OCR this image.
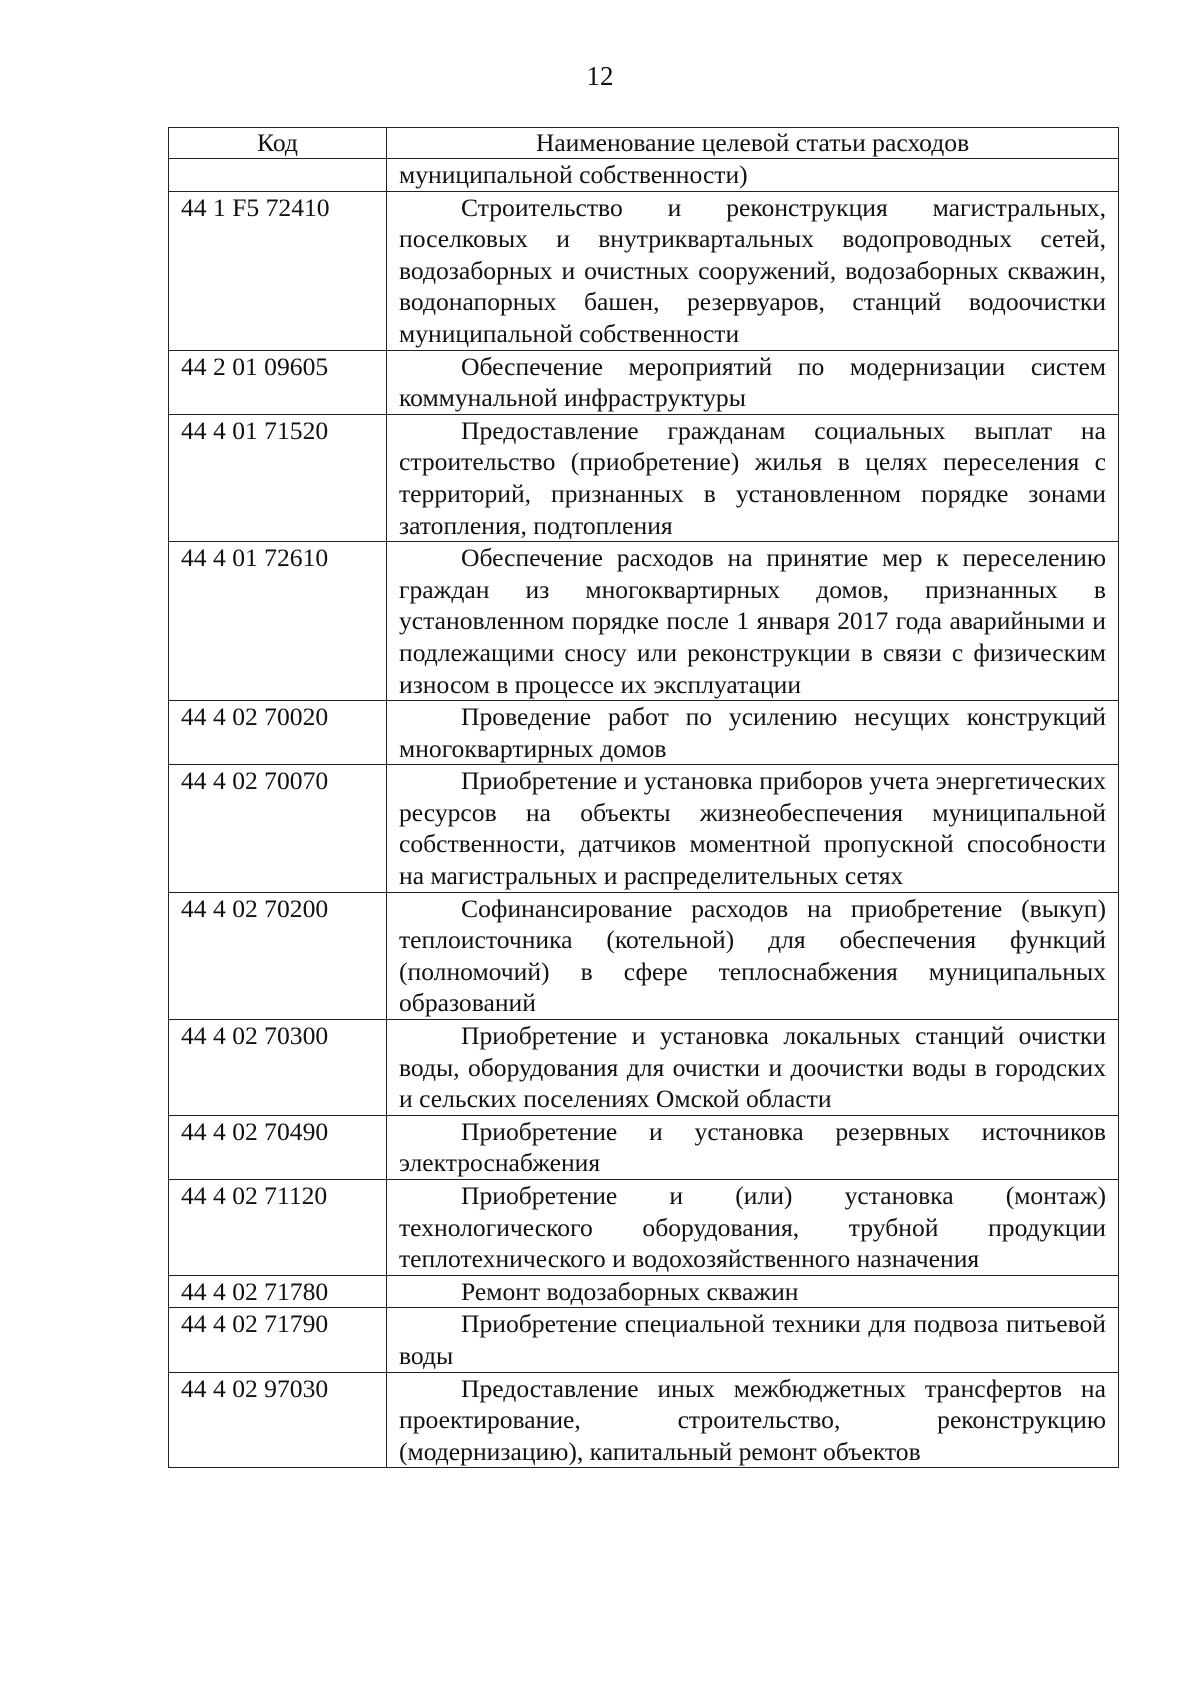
12
Код	Наименование целевой статьи расходов
	муниципальной собственности)
44 1 F5 72410	Строительство и реконструкция магистральных, поселковых и внутриквартальных водопроводных сетей, водозаборных и очистных сооружений, водозаборных скважин, водонапорных башен, резервуаров, станций водоочистки муниципальной собственности
44 2 01 09605	Обеспечение мероприятий по модернизации систем коммунальной инфраструктуры
44 4 01 71520	Предоставление гражданам социальных выплат на строительство (приобретение) жилья в целях переселения с территорий, признанных в установленном порядке зонами затопления, подтопления
44 4 01 72610	Обеспечение расходов на принятие мер к переселению граждан из многоквартирных домов, признанных в установленном порядке после 1 января 2017 года аварийными и подлежащими сносу или реконструкции в связи с физическим износом в процессе их эксплуатации
44 4 02 70020	Проведение работ по усилению несущих конструкций многоквартирных домов
44 4 02 70070	Приобретение и установка приборов учета энергетических ресурсов на объекты жизнеобеспечения муниципальной собственности, датчиков моментной пропускной способности на магистральных и распределительных сетях
44 4 02 70200	Софинансирование расходов на приобретение (выкуп) теплоисточника (котельной) для обеспечения функций (полномочий) в сфере теплоснабжения муниципальных образований
44 4 02 70300	Приобретение и установка локальных станций очистки воды, оборудования для очистки и доочистки воды в городских и сельских поселениях Омской области
44 4 02 70490	Приобретение и установка резервных источников электроснабжения
44 4 02 71120	Приобретение и (или) установка (монтаж) технологического оборудования, трубной продукции теплотехнического и водохозяйственного назначения
44 4 02 71780	Ремонт водозаборных скважин
44 4 02 71790	Приобретение специальной техники для подвоза питьевой воды
44 4 02 97030	Предоставление иных межбюджетных трансфертов на проектирование, строительство, реконструкцию (модернизацию), капитальный ремонт объектов
